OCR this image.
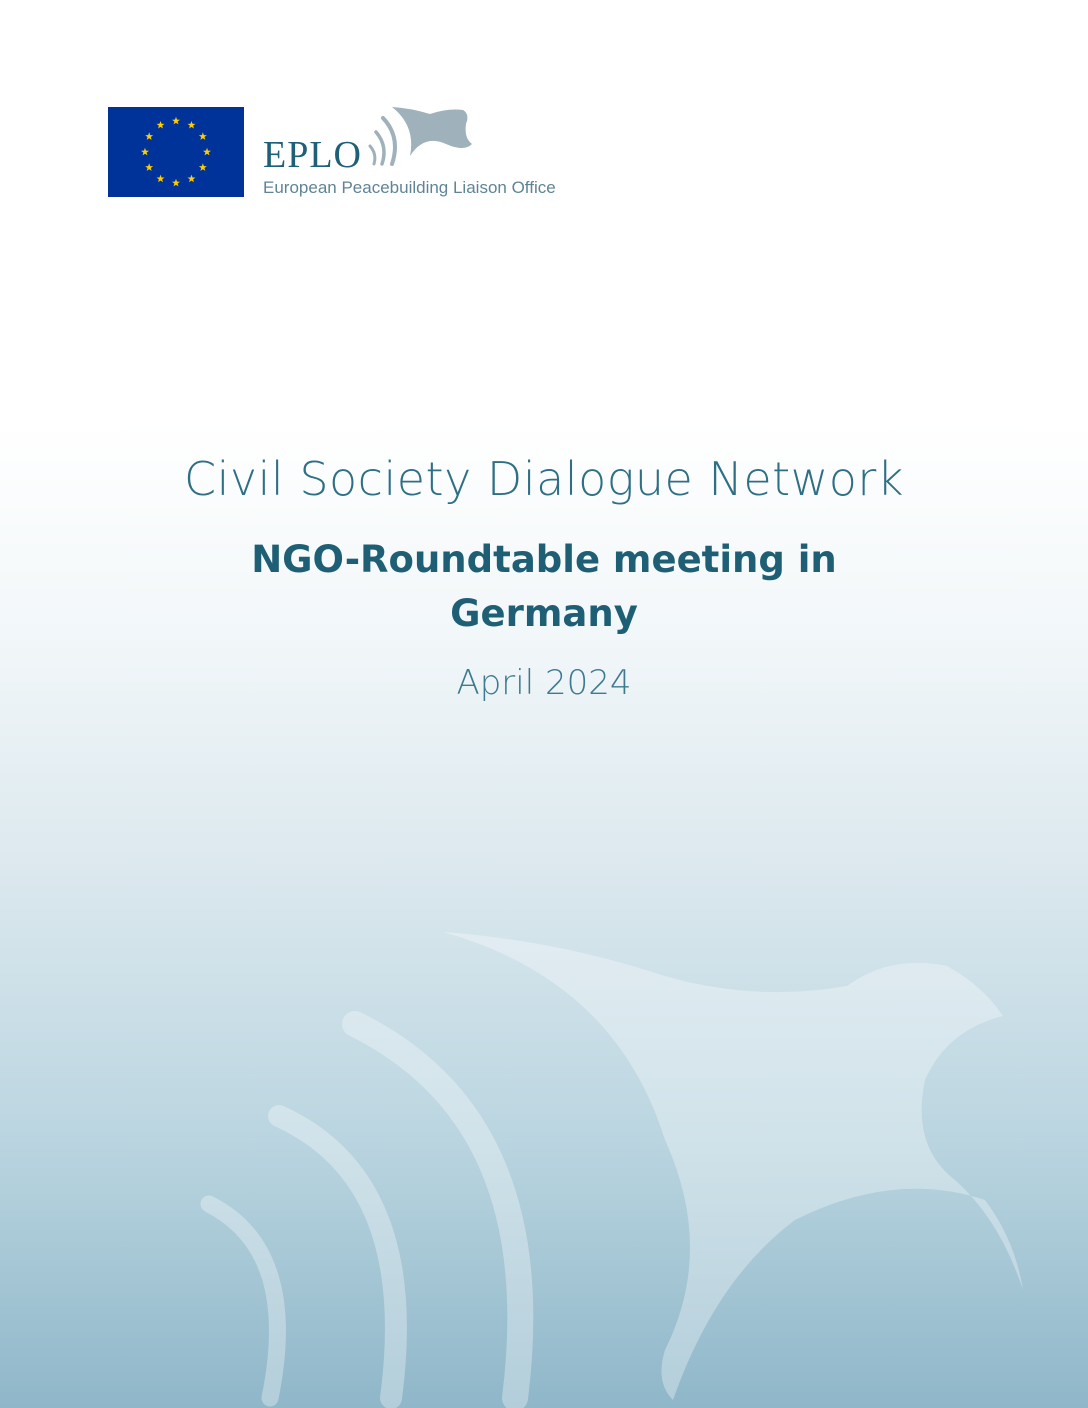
EPLO
European Peacebuilding Liaison Office
Civil Society Dialogue Network
NGO-Roundtable meeting in Germany
April 2024
